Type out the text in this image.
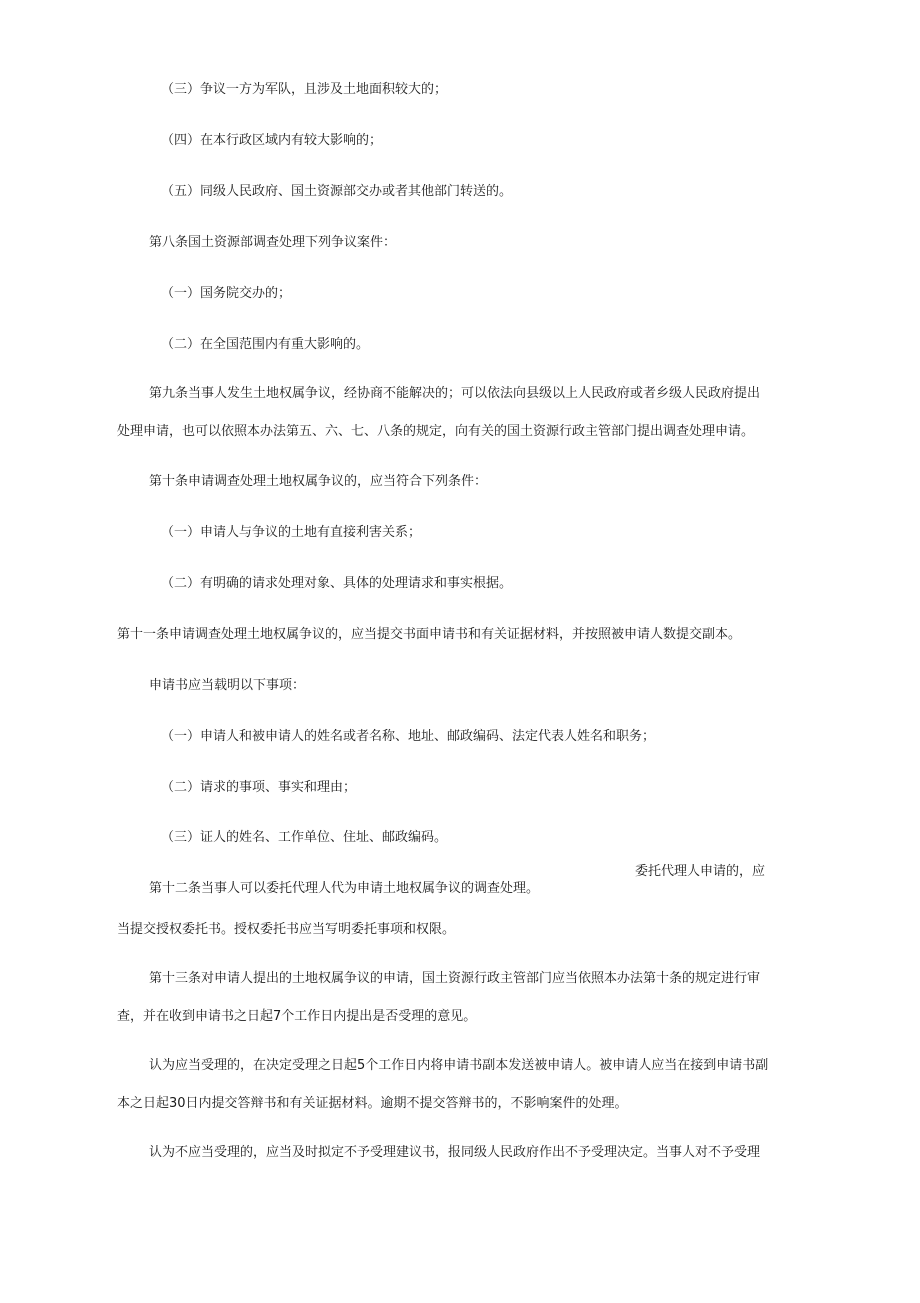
（三）争议一方为军队，且涉及土地面积较大的；

（四）在本行政区域内有较大影响的；

（五）同级人民政府、国土资源部交办或者其他部门转送的。

第八条国土资源部调查处理下列争议案件：

（一）国务院交办的；

（二）在全国范围内有重大影响的。

第九条当事人发生土地权属争议，经协商不能解决的；可以依法向县级以上人民政府或者乡级人民政府提出

处理申请，也可以依照本办法第五、六、七、八条的规定，向有关的国土资源行政主管部门提出调查处理申请。

第十条申请调查处理土地权属争议的，应当符合下列条件：

（一）申请人与争议的土地有直接利害关系；

（二）有明确的请求处理对象、具体的处理请求和事实根据。

第十一条申请调查处理土地权属争议的，应当提交书面申请书和有关证据材料，并按照被申请人数提交副本。

申请书应当载明以下事项：

（一）申请人和被申请人的姓名或者名称、地址、邮政编码、法定代表人姓名和职务；

（二）请求的事项、事实和理由；

（三）证人的姓名、工作单位、住址、邮政编码。

委托代理人申请的，应

第十二条当事人可以委托代理人代为申请土地权属争议的调查处理。

当提交授权委托书。授权委托书应当写明委托事项和权限。

第十三条对申请人提出的土地权属争议的申请，国土资源行政主管部门应当依照本办法第十条的规定进行审

查，并在收到申请书之日起7个工作日内提出是否受理的意见。

认为应当受理的，在决定受理之日起5个工作日内将申请书副本发送被申请人。被申请人应当在接到申请书副

本之日起30日内提交答辩书和有关证据材料。逾期不提交答辩书的，不影响案件的处理。

认为不应当受理的，应当及时拟定不予受理建议书，报同级人民政府作出不予受理决定。当事人对不予受理
